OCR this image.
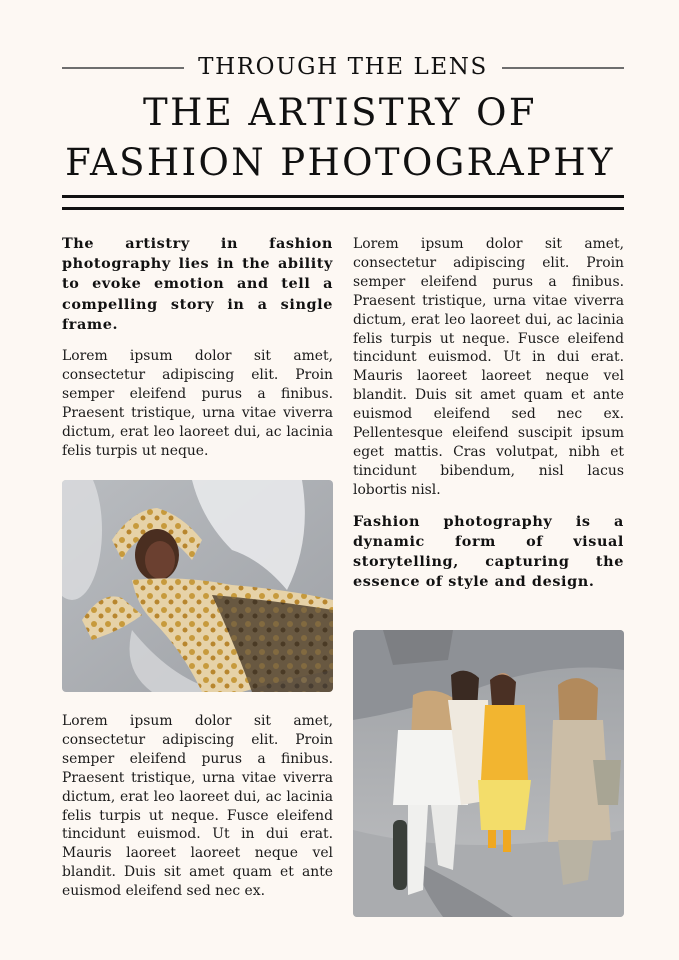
THROUGH THE LENS
THE ARTISTRY OF
FASHION PHOTOGRAPHY

The artistry in fashion photography lies in the ability to evoke emotion and tell a compelling story in a single frame.

Lorem ipsum dolor sit amet, consectetur adipiscing elit. Proin semper eleifend purus a finibus. Praesent tristique, urna vitae viverra dictum, erat leo laoreet dui, ac lacinia felis turpis ut neque.

Lorem ipsum dolor sit amet, consectetur adipiscing elit. Proin semper eleifend purus a finibus. Praesent tristique, urna vitae viverra dictum, erat leo laoreet dui, ac lacinia felis turpis ut neque. Fusce eleifend tincidunt euismod. Ut in dui erat. Mauris laoreet laoreet neque vel blandit. Duis sit amet quam et ante euismod eleifend sed nec ex.

Lorem ipsum dolor sit amet, consectetur adipiscing elit. Proin semper eleifend purus a finibus. Praesent tristique, urna vitae viverra dictum, erat leo laoreet dui, ac lacinia felis turpis ut neque. Fusce eleifend tincidunt euismod. Ut in dui erat. Mauris laoreet laoreet neque vel blandit. Duis sit amet quam et ante euismod eleifend sed nec ex. Pellentesque eleifend suscipit ipsum eget mattis. Cras volutpat, nibh et tincidunt bibendum, nisl lacus lobortis nisl.

Fashion photography is a dynamic form of visual storytelling, capturing the essence of style and design.
